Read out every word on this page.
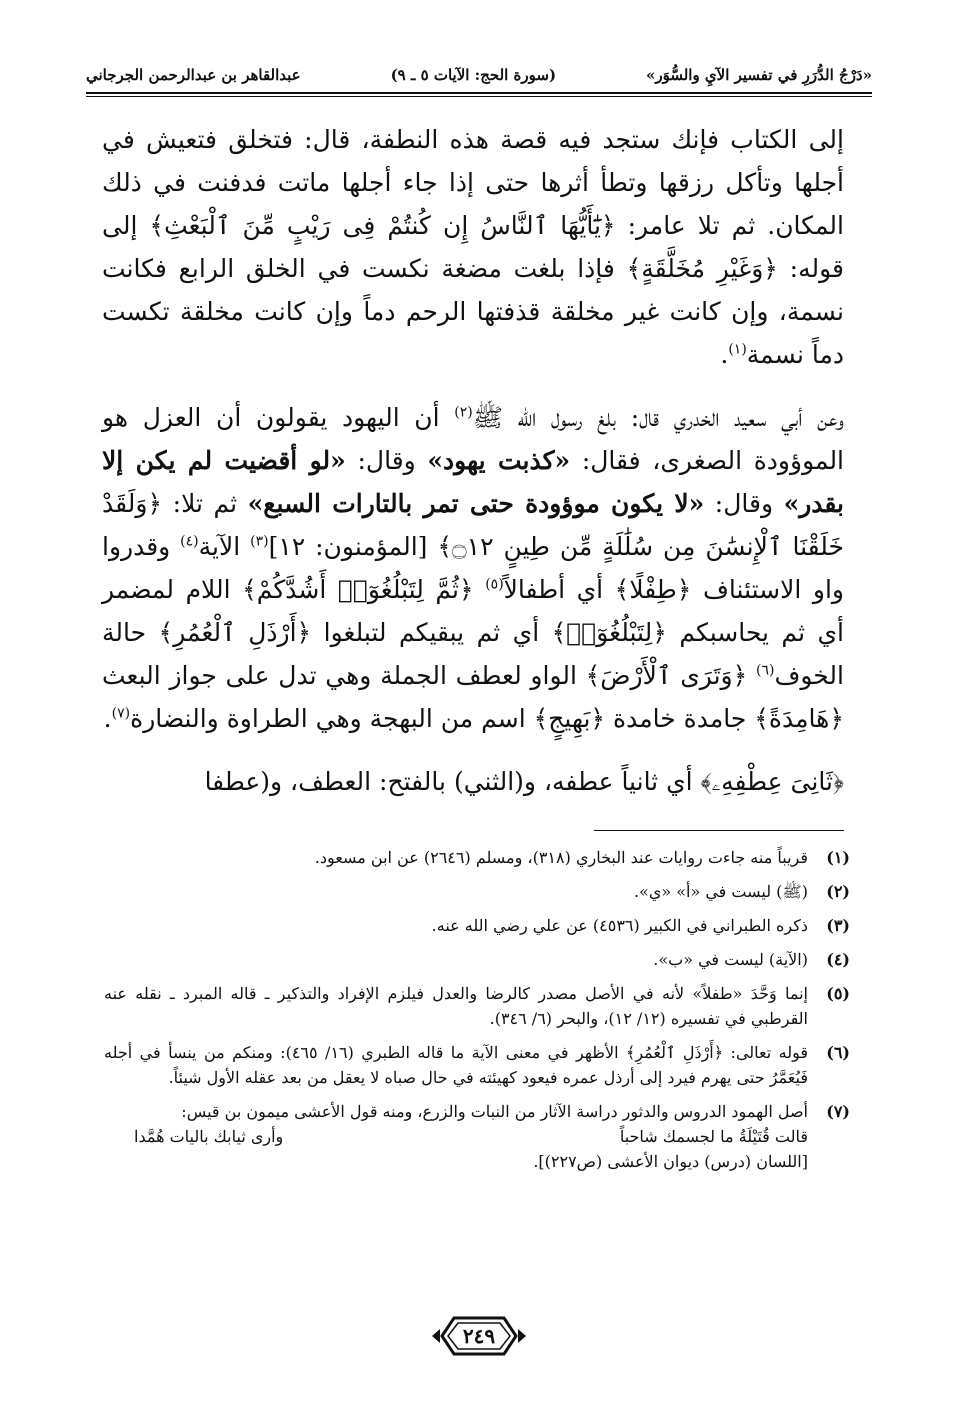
«دَرْجُ الدُّرَرِ في تفسير الآيِ والسُّوَر»
(سورة الحج: الآيات ٥ ـ ٩)
عبدالقاهر بن عبدالرحمن الجرجاني

إلى الكتاب فإنك ستجد فيه قصة هذه النطفة، قال: فتخلق فتعيش في أجلها وتأكل رزقها وتطأ أثرها حتى إذا جاء أجلها ماتت فدفنت في ذلك المكان. ثم تلا عامر: ﴿يَٰٓأَيُّهَا ٱلنَّاسُ إِن كُنتُمْ فِى رَيْبٍ مِّنَ ٱلْبَعْثِ﴾ إلى قوله: ﴿وَغَيْرِ مُخَلَّقَةٍ﴾ فإذا بلغت مضغة نكست في الخلق الرابع فكانت نسمة، وإن كانت غير مخلقة قذفتها الرحم دماً وإن كانت مخلقة تكست دماً نسمة$^{(١)}$.

وعن أبي سعيد الخدري قال: بلغ رسول الله ﷺ$^{(٢)}$ أن اليهود يقولون أن العزل هو الموؤودة الصغرى، فقال: «كذبت يهود» وقال: «لو أقضيت لم يكن إلا بقدر» وقال: «لا يكون موؤودة حتى تمر بالتارات السبع» ثم تلا: ﴿وَلَقَدْ خَلَقْنَا ٱلْإِنسَٰنَ مِن سُلَٰلَةٍ مِّن طِينٍ ۝١٢﴾ [المؤمنون: ١٢]$^{(٣)}$ الآية$^{(٤)}$ وقدروا واو الاستئناف ﴿طِفْلًا﴾ أي أطفالاً$^{(٥)}$ ﴿ثُمَّ لِتَبْلُغُوٓا۟ أَشُدَّكُمْ﴾ اللام لمضمر أي ثم يحاسبكم ﴿لِتَبْلُغُوٓا۟﴾ أي ثم يبقيكم لتبلغوا ﴿أَرْذَلِ ٱلْعُمُرِ﴾ حالة الخوف$^{(٦)}$ ﴿وَتَرَى ٱلْأَرْضَ﴾ الواو لعطف الجملة وهي تدل على جواز البعث ﴿هَامِدَةً﴾ جامدة خامدة ﴿بَهِيجٍ﴾ اسم من البهجة وهي الطراوة والنضارة$^{(٧)}$.

﴿ثَانِىَ عِطْفِهِۦ﴾ أي ثانياً عطفه، و(الثني) بالفتح: العطف، و(عطفا

(١)
قريباً منه جاءت روايات عند البخاري (٣١٨)، ومسلم (٢٦٤٦) عن ابن مسعود.
(٢)
(ﷺ) ليست في «أ» «ي».
(٣)
ذكره الطبراني في الكبير (٤٥٣٦) عن علي رضي الله عنه.
(٤)
(الآية) ليست في «ب».
(٥)
إنما وَحَّدَ «طفلاً» لأنه في الأصل مصدر كالرضا والعدل فيلزم الإفراد والتذكير ـ قاله المبرد ـ نقله عنه القرطبي في تفسيره (١٢/ ١٢)، والبحر (٦/ ٣٤٦).
(٦)
قوله تعالى: ﴿أَرْذَلِ ٱلْعُمُرِ﴾ الأظهر في معنى الآية ما قاله الطبري (١٦/ ٤٦٥): ومنكم من ينسأ في أجله فَيُعَمَّرُ حتى يهرم فيرد إلى أرذل عمره فيعود كهيئته في حال صباه لا يعقل من بعد عقله الأول شيئاً.
(٧)
أصل الهمود الدروس والدثور دراسة الآثار من النبات والزرع، ومنه قول الأعشى ميمون بن قيس:
قالت قُتَيْلَةُ ما لجسمك شاحباً
وأرى ثيابك باليات هُمَّدا
[اللسان (درس) ديوان الأعشى (ص٢٢٧)].
٢٤٩
